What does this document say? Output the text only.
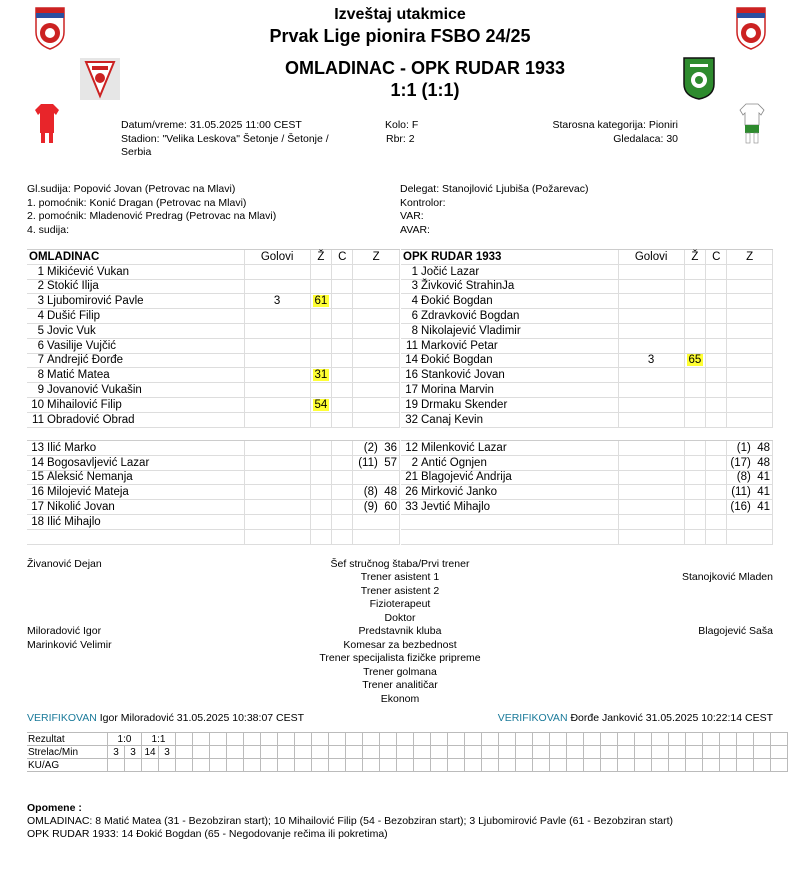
Izveštaj utakmice
Prvak Lige pionira FSBO 24/25
OMLADINAC - OPK RUDAR 1933
1:1 (1:1)
Datum/vreme: 31.05.2025 11:00 CEST
Stadion: "Velika Leskova" Šetonje / Šetonje /
Serbia
Kolo: F
Rbr: 2
Starosna kategorija: Pioniri
Gledalaca: 30
Gl.sudija: Popović Jovan (Petrovac na Mlavi)
1. pomoćnik: Konić Dragan (Petrovac na Mlavi)
2. pomoćnik: Mladenović Predrag (Petrovac na Mlavi)
4. sudija:
Delegat: Stanojlović Ljubiša (Požarevac)
Kontrolor:
VAR:
AVAR:
OMLADINAC	Golovi	Ž	C	Z
1 Mikićević Vukan				
2 Stokić Ilija				
3 Ljubomirović Pavle	3	61		
4 Dušić Filip				
5 Jovic Vuk				
6 Vasilije Vujčić				
7 Andrejić Đorđe				
8 Matić Matea		31		
9 Jovanović Vukašin				
10 Mihailović Filip		54		
11 Obradović Obrad				
OPK RUDAR 1933	Golovi	Ž	C	Z
1 Jočić Lazar				
3 Živković StrahinJa				
4 Đokić Bogdan				
6 Zdravković Bogdan				
8 Nikolajević Vladimir				
11 Marković Petar				
14 Đokić Bogdan	3	65		
16 Stanković Jovan				
17 Morina Marvin				
19 Drmaku Skender				
32 Canaj Kevin				
13 Ilić Marko				(2)  36
14 Bogosavljević Lazar				(11)  57
15 Aleksić Nemanja				
16 Milojević Mateja				(8)  48
17 Nikolić Jovan				(9)  60
18 Ilić Mihajlo				

12 Milenković Lazar				(1)  48
2 Antić Ognjen				(17)  48
21 Blagojević Andrija				(8)  41
26 Mirković Janko				(11)  41
33 Jevtić Mihajlo				(16)  41

Živanović Dejan	Šef stručnog štaba/Prvi trener	
	Trener asistent 1	Stanojković Mladen
	Trener asistent 2	
	Fizioterapeut	
	Doktor	
Miloradović Igor	Predstavnik kluba	Blagojević Saša
Marinković Velimir	Komesar za bezbednost	
	Trener specijalista fizičke pripreme	
	Trener golmana	
	Trener analitičar	
	Ekonom	
VERIFIKOVAN Igor Miloradović 31.05.2025 10:38:07 CEST	VERIFIKOVAN Đorđe Janković 31.05.2025 10:22:14 CEST
Rezultat	1:0		1:1																																					
Strelac/Min	3	3	14	3																																				
KU/AG																																								
Opomene :
OMLADINAC: 8 Matić Matea (31 - Bezobziran start); 10 Mihailović Filip (54 - Bezobziran start); 3 Ljubomirović Pavle (61 - Bezobziran start)
OPK RUDAR 1933: 14 Đokić Bogdan (65 - Negodovanje rečima ili pokretima)
